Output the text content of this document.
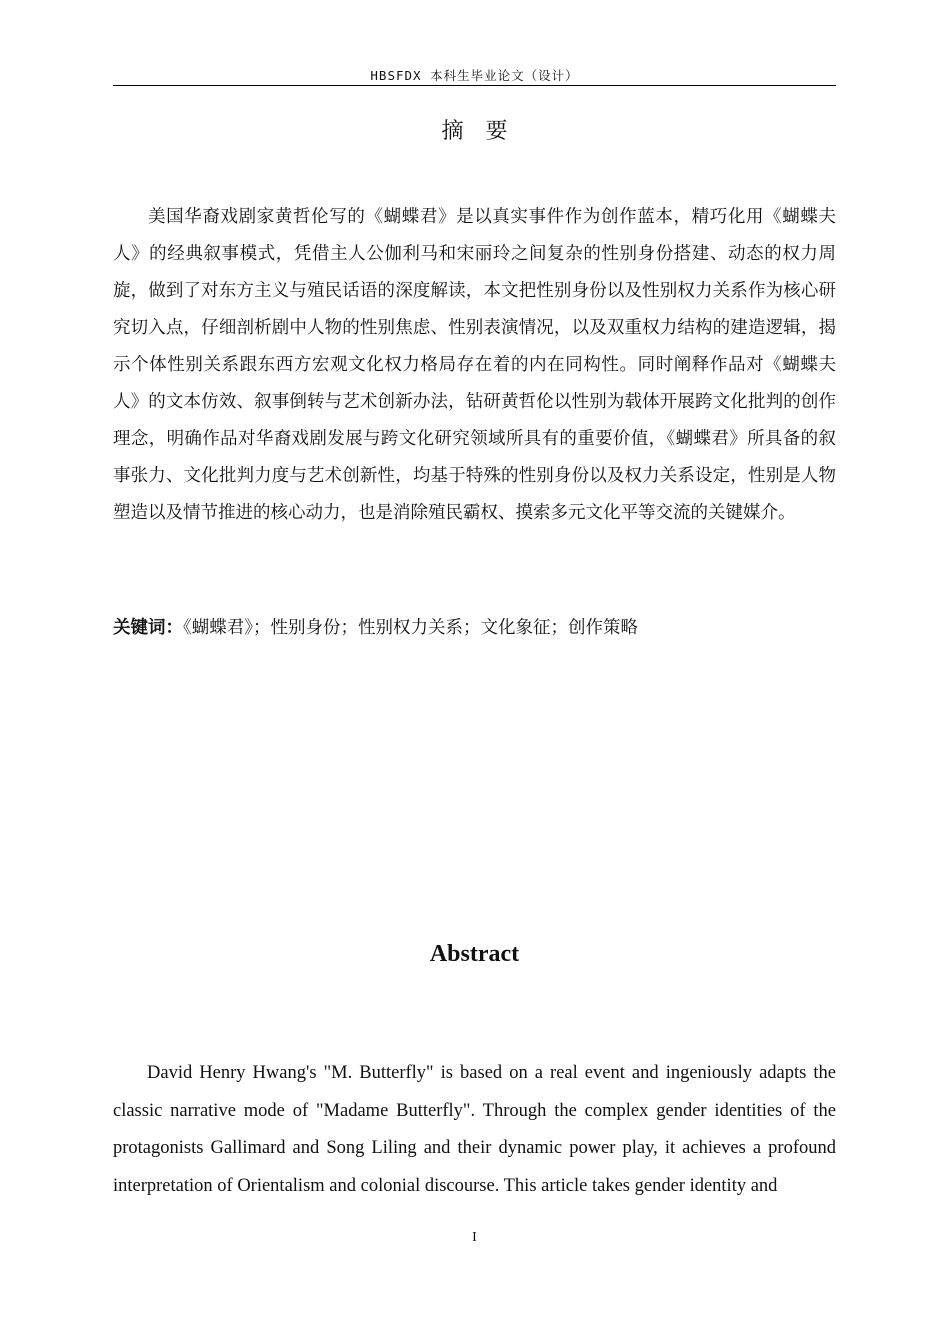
HBSFDX 本科生毕业论文（设计）
摘要
美国华裔戏剧家黄哲伦写的《蝴蝶君》是以真实事件作为创作蓝本，精巧化用《蝴蝶夫人》的经典叙事模式，凭借主人公伽利马和宋丽玲之间复杂的性别身份搭建、动态的权力周旋，做到了对东方主义与殖民话语的深度解读，本文把性别身份以及性别权力关系作为核心研究切入点，仔细剖析剧中人物的性别焦虑、性别表演情况，以及双重权力结构的建造逻辑，揭示个体性别关系跟东西方宏观文化权力格局存在着的内在同构性。同时阐释作品对《蝴蝶夫人》的文本仿效、叙事倒转与艺术创新办法，钻研黄哲伦以性别为载体开展跨文化批判的创作理念，明确作品对华裔戏剧发展与跨文化研究领域所具有的重要价值，《蝴蝶君》所具备的叙事张力、文化批判力度与艺术创新性，均基于特殊的性别身份以及权力关系设定，性别是人物塑造以及情节推进的核心动力，也是消除殖民霸权、摸索多元文化平等交流的关键媒介。
关键词：《蝴蝶君》；性别身份；性别权力关系；文化象征；创作策略
Abstract
David Henry Hwang's "M. Butterfly" is based on a real event and ingeniously adapts the classic narrative mode of "Madame Butterfly". Through the complex gender identities of the protagonists Gallimard and Song Liling and their dynamic power play, it achieves a profound interpretation of Orientalism and colonial discourse. This article takes gender identity and
I
